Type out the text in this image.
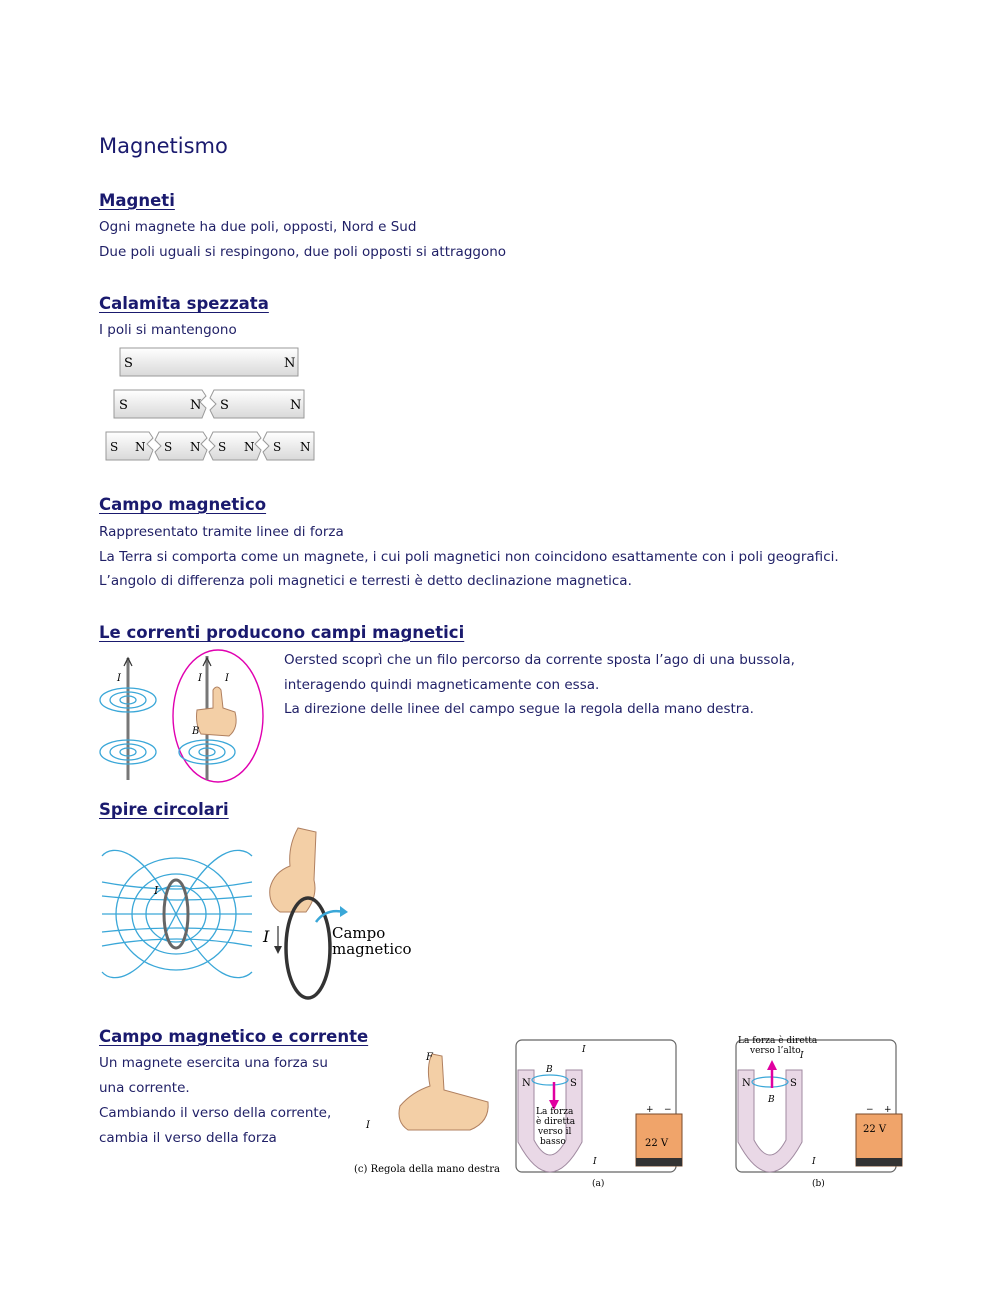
Magnetismo
Magneti
Ogni magnete ha due poli, opposti, Nord e Sud
Due poli uguali si respingono, due poli opposti si attraggono
Calamita spezzata
I poli si mantengono
S	N
S	N S	N
S N S N S N S N
Campo magnetico
Rappresentato tramite linee di forza
La Terra si comporta come un magnete, i cui poli magnetici non coincidono esattamente con i poli geografici. L’angolo di differenza poli magnetici e terresti è detto declinazione magnetica.
Le correnti producono campi magnetici
Oersted scoprì che un filo percorso da corrente sposta l’ago di una bussola, interagendo quindi magneticamente con essa.
La direzione delle linee del campo segue la regola della mano destra.
I	I I
B
Spire circolari
I
I	Campo
magnetico
Campo magnetico e corrente
Un magnete esercita una forza su una corrente.
Cambiando il verso della corrente, cambia il verso della forza
F
I
(c) Regola della mano destra
N	S
B
La forza
è diretta
verso il
basso	22 V
+ −
I
I
(a)
N	S
B
La forza è diretta
verso l’alto
22 V
− +
I
I
(b)
